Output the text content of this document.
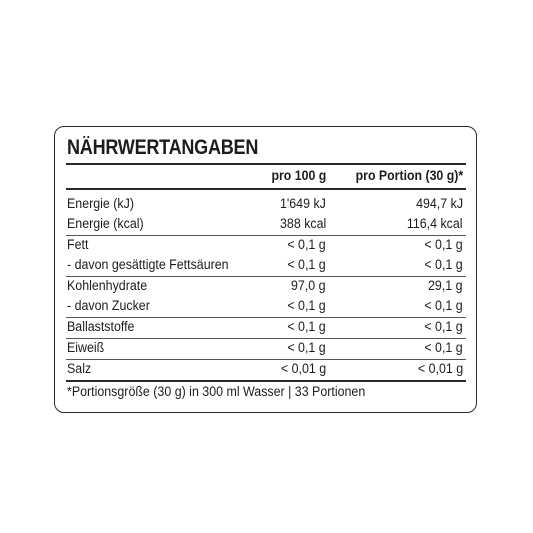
NÄHRWERTANGABEN
pro 100 g pro Portion (30 g)*
Energie (kJ)	1'649 kJ	494,7 kJ
Energie (kcal)	388 kcal	116,4 kcal
Fett	< 0,1 g	< 0,1 g
- davon gesättigte Fettsäuren	< 0,1 g	< 0,1 g
Kohlenhydrate	97,0 g	29,1 g
- davon Zucker	< 0,1 g	< 0,1 g
Ballaststoffe	< 0,1 g	< 0,1 g
Eiweiß	< 0,1 g	< 0,1 g
Salz	< 0,01 g	< 0,01 g
*Portionsgröße (30 g) in 300 ml Wasser | 33 Portionen
